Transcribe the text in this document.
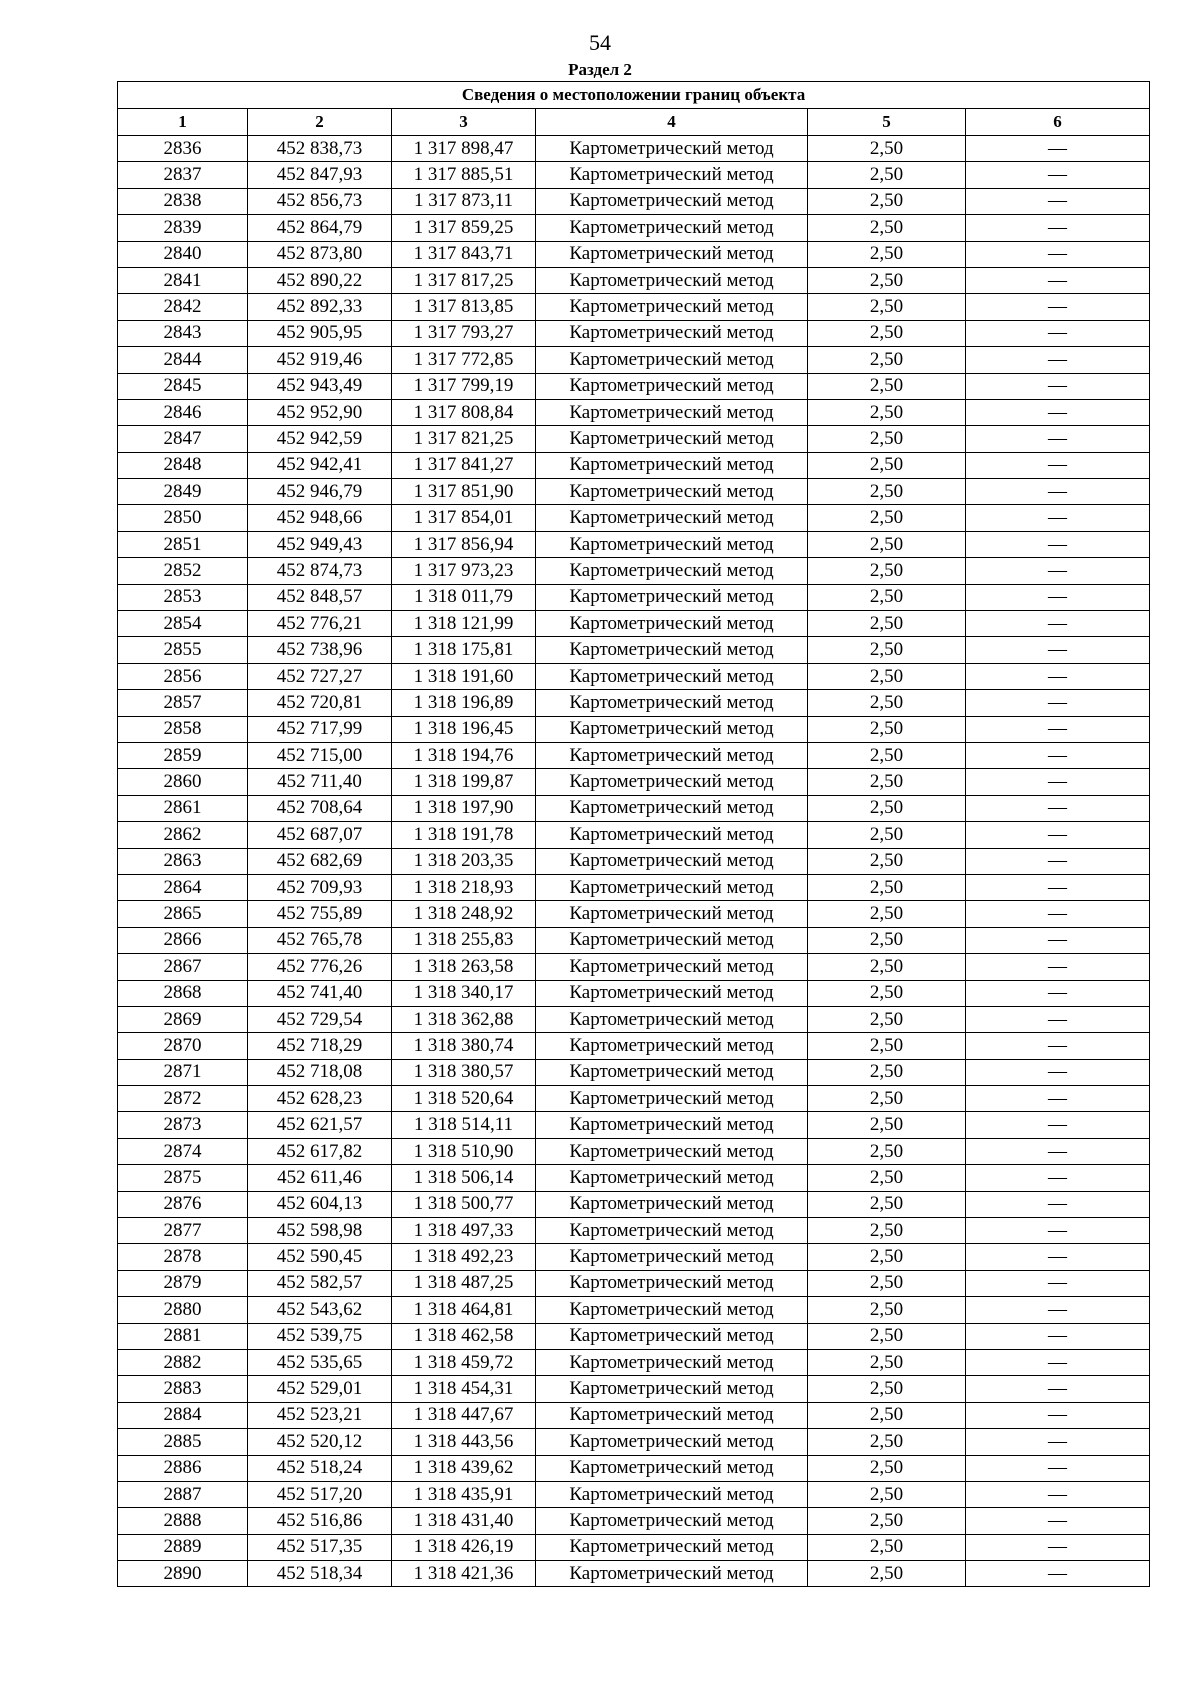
54
Раздел 2
Сведения о местоположении границ объекта					
1	2	3	4	5	6
2836	452 838,73	1 317 898,47	Картометрический метод	2,50	—
2837	452 847,93	1 317 885,51	Картометрический метод	2,50	—
2838	452 856,73	1 317 873,11	Картометрический метод	2,50	—
2839	452 864,79	1 317 859,25	Картометрический метод	2,50	—
2840	452 873,80	1 317 843,71	Картометрический метод	2,50	—
2841	452 890,22	1 317 817,25	Картометрический метод	2,50	—
2842	452 892,33	1 317 813,85	Картометрический метод	2,50	—
2843	452 905,95	1 317 793,27	Картометрический метод	2,50	—
2844	452 919,46	1 317 772,85	Картометрический метод	2,50	—
2845	452 943,49	1 317 799,19	Картометрический метод	2,50	—
2846	452 952,90	1 317 808,84	Картометрический метод	2,50	—
2847	452 942,59	1 317 821,25	Картометрический метод	2,50	—
2848	452 942,41	1 317 841,27	Картометрический метод	2,50	—
2849	452 946,79	1 317 851,90	Картометрический метод	2,50	—
2850	452 948,66	1 317 854,01	Картометрический метод	2,50	—
2851	452 949,43	1 317 856,94	Картометрический метод	2,50	—
2852	452 874,73	1 317 973,23	Картометрический метод	2,50	—
2853	452 848,57	1 318 011,79	Картометрический метод	2,50	—
2854	452 776,21	1 318 121,99	Картометрический метод	2,50	—
2855	452 738,96	1 318 175,81	Картометрический метод	2,50	—
2856	452 727,27	1 318 191,60	Картометрический метод	2,50	—
2857	452 720,81	1 318 196,89	Картометрический метод	2,50	—
2858	452 717,99	1 318 196,45	Картометрический метод	2,50	—
2859	452 715,00	1 318 194,76	Картометрический метод	2,50	—
2860	452 711,40	1 318 199,87	Картометрический метод	2,50	—
2861	452 708,64	1 318 197,90	Картометрический метод	2,50	—
2862	452 687,07	1 318 191,78	Картометрический метод	2,50	—
2863	452 682,69	1 318 203,35	Картометрический метод	2,50	—
2864	452 709,93	1 318 218,93	Картометрический метод	2,50	—
2865	452 755,89	1 318 248,92	Картометрический метод	2,50	—
2866	452 765,78	1 318 255,83	Картометрический метод	2,50	—
2867	452 776,26	1 318 263,58	Картометрический метод	2,50	—
2868	452 741,40	1 318 340,17	Картометрический метод	2,50	—
2869	452 729,54	1 318 362,88	Картометрический метод	2,50	—
2870	452 718,29	1 318 380,74	Картометрический метод	2,50	—
2871	452 718,08	1 318 380,57	Картометрический метод	2,50	—
2872	452 628,23	1 318 520,64	Картометрический метод	2,50	—
2873	452 621,57	1 318 514,11	Картометрический метод	2,50	—
2874	452 617,82	1 318 510,90	Картометрический метод	2,50	—
2875	452 611,46	1 318 506,14	Картометрический метод	2,50	—
2876	452 604,13	1 318 500,77	Картометрический метод	2,50	—
2877	452 598,98	1 318 497,33	Картометрический метод	2,50	—
2878	452 590,45	1 318 492,23	Картометрический метод	2,50	—
2879	452 582,57	1 318 487,25	Картометрический метод	2,50	—
2880	452 543,62	1 318 464,81	Картометрический метод	2,50	—
2881	452 539,75	1 318 462,58	Картометрический метод	2,50	—
2882	452 535,65	1 318 459,72	Картометрический метод	2,50	—
2883	452 529,01	1 318 454,31	Картометрический метод	2,50	—
2884	452 523,21	1 318 447,67	Картометрический метод	2,50	—
2885	452 520,12	1 318 443,56	Картометрический метод	2,50	—
2886	452 518,24	1 318 439,62	Картометрический метод	2,50	—
2887	452 517,20	1 318 435,91	Картометрический метод	2,50	—
2888	452 516,86	1 318 431,40	Картометрический метод	2,50	—
2889	452 517,35	1 318 426,19	Картометрический метод	2,50	—
2890	452 518,34	1 318 421,36	Картометрический метод	2,50	—
